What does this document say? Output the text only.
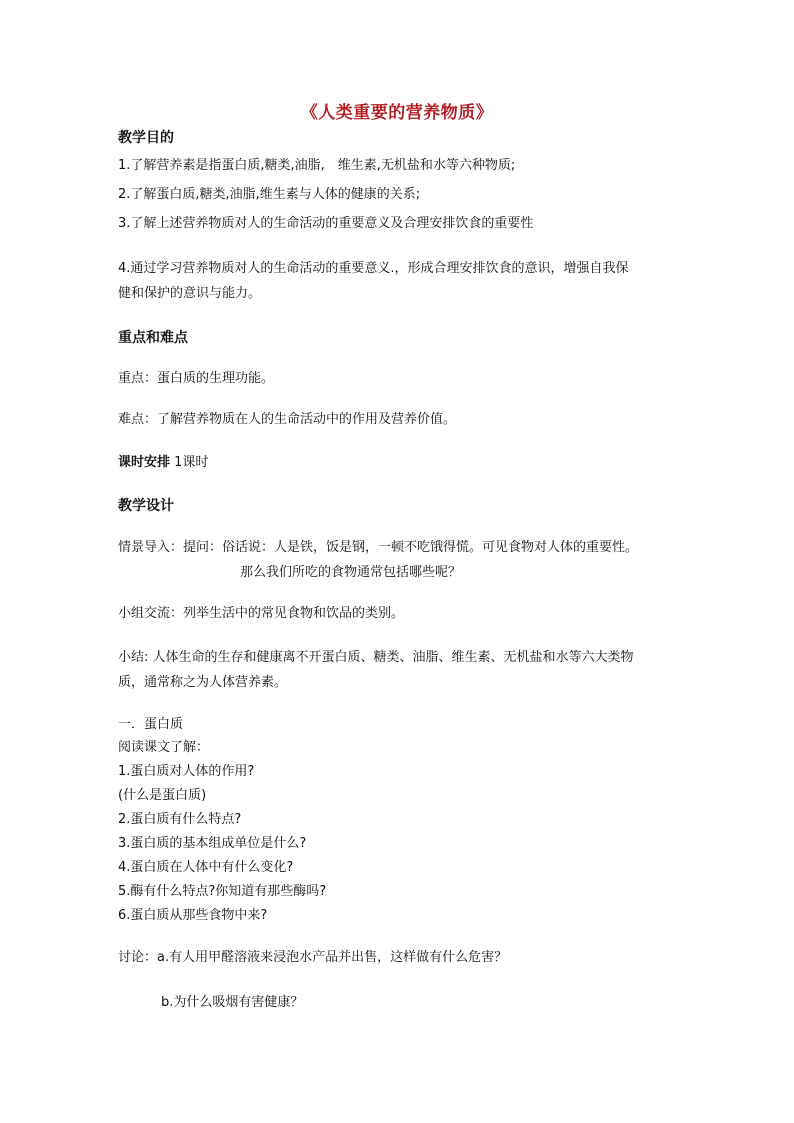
《人类重要的营养物质》
教学目的
1.了解营养素是指蛋白质,糖类,油脂,　维生素,无机盐和水等六种物质;
2.了解蛋白质,糖类,油脂,维生素与人体的健康的关系;
3.了解上述营养物质对人的生命活动的重要意义及合理安排饮食的重要性
4.通过学习营养物质对人的生命活动的重要意义.，形成合理安排饮食的意识，增强自我保
健和保护的意识与能力。
重点和难点
重点：蛋白质的生理功能。
难点：了解营养物质在人的生命活动中的作用及营养价值。
课时安排 1课时
教学设计
情景导入：提问：俗话说：人是铁，饭是钢，一顿不吃饿得慌。可见食物对人体的重要性。
那么我们所吃的食物通常包括哪些呢？
小组交流：列举生活中的常见食物和饮品的类别。
小结: 人体生命的生存和健康离不开蛋白质、糖类、油脂、维生素、无机盐和水等六大类物
质，通常称之为人体营养素。
一．蛋白质
阅读课文了解：
1.蛋白质对人体的作用?
(什么是蛋白质)
2.蛋白质有什么特点?
3.蛋白质的基本组成单位是什么?
4.蛋白质在人体中有什么变化?
5.酶有什么特点?你知道有那些酶吗?
6.蛋白质从那些食物中来?
讨论：a.有人用甲醛溶液来浸泡水产品并出售，这样做有什么危害？
b.为什么吸烟有害健康？
